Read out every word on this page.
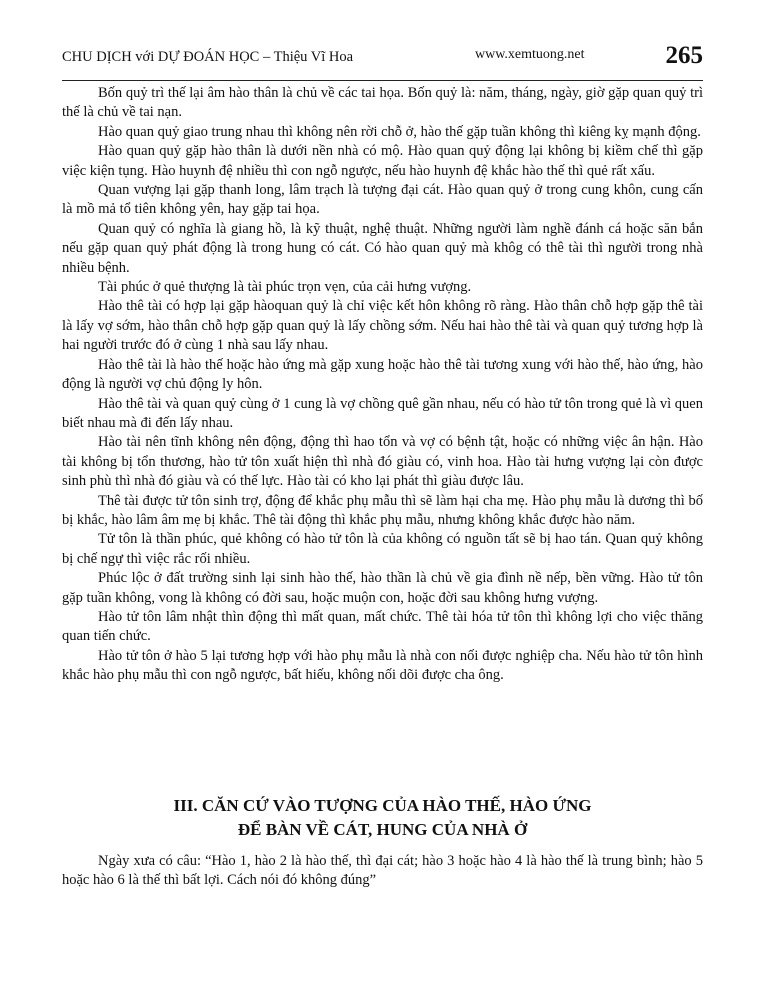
CHU DỊCH với DỰ ĐOÁN HỌC – Thiệu Vĩ Hoa	www.xemtuong.net	265

Bốn quỷ trì thế lại âm hào thân là chủ về các tai họa. Bốn quỷ là: năm, tháng, ngày, giờ gặp quan quỷ trì thế là chủ về tai nạn.

Hào quan quỷ giao trung nhau thì không nên rời chỗ ở, hào thế gặp tuần không thì kiêng kỵ mạnh động.

Hào quan quỷ gặp hào thân là dưới nền nhà có mộ. Hào quan quỷ động lại không bị kiềm chế thì gặp việc kiện tụng. Hào huynh đệ nhiều thì con ngỗ ngược, nếu hào huynh đệ khắc hào thế thì quẻ rất xấu.

Quan vượng lại gặp thanh long, lâm trạch là tượng đại cát. Hào quan quỷ ở trong cung khôn, cung cấn là mồ mả tổ tiên không yên, hay gặp tai họa.

Quan quỷ có nghĩa là giang hồ, là kỹ thuật, nghệ thuật. Những người làm nghề đánh cá hoặc săn bắn nếu gặp quan quỷ phát động là trong hung có cát. Có hào quan quỷ mà khôg có thê tài thì người trong nhà nhiều bệnh.

Tài phúc ở quẻ thượng là tài phúc trọn vẹn, của cải hưng vượng.

Hào thê tài có hợp lại gặp hàoquan quỷ là chỉ việc kết hôn không rõ ràng. Hào thân chỗ hợp gặp thê tài là lấy vợ sớm, hào thân chỗ hợp gặp quan quỷ là lấy chồng sớm. Nếu hai hào thê tài và quan quỷ tương hợp là hai người trước đó ở cùng 1 nhà sau lấy nhau.

Hào thê tài là hào thế hoặc hào ứng mà gặp xung hoặc hào thê tài tương xung với hào thế, hào ứng, hào động là người vợ chủ động ly hôn.

Hào thê tài và quan quỷ cùng ở 1 cung là vợ chồng quê gần nhau, nếu có hào tử tôn trong quẻ là vì quen biết nhau mà đi đến lấy nhau.

Hào tài nên tĩnh không nên động, động thì hao tổn và vợ có bệnh tật, hoặc có những việc ân hận. Hào tài không bị tổn thương, hào tử tôn xuất hiện thì nhà đó giàu có, vinh hoa. Hào tài hưng vượng lại còn được sinh phù thì nhà đó giàu và có thế lực. Hào tài có kho lại phát thì giàu được lâu.

Thê tài được tử tôn sinh trợ, động để khắc phụ mẫu thì sẽ làm hại cha mẹ. Hào phụ mẫu là dương thì bố bị khắc, hào lâm âm mẹ bị khắc. Thê tài động thì khắc phụ mẫu, nhưng không khắc được hào năm.

Tử tôn là thần phúc, quẻ không có hào tử tôn là của không có nguồn tất sẽ bị hao tán. Quan quỷ không bị chế ngự thì việc rắc rối nhiều.

Phúc lộc ở đất trường sinh lại sinh hào thế, hào thần là chủ về gia đình nề nếp, bền vững. Hào tử tôn gặp tuần không, vong là không có đời sau, hoặc muộn con, hoặc đời sau không hưng vượng.

Hào tử tôn lâm nhật thìn động thì mất quan, mất chức. Thê tài hóa tử tôn thì không lợi cho việc thăng quan tiến chức.

Hào tử tôn ở hào 5 lại tương hợp với hào phụ mẫu là nhà con nối được nghiệp cha. Nếu hào tử tôn hình khắc hào phụ mẫu thì con ngỗ ngược, bất hiếu, không nối dõi được cha ông.

III. CĂN CỨ VÀO TƯỢNG CỦA HÀO THẾ, HÀO ỨNG
ĐỂ BÀN VỀ CÁT, HUNG CỦA NHÀ Ở

Ngày xưa có câu: “Hào 1, hào 2 là hào thế, thì đại cát; hào 3 hoặc hào 4 là hào thế là trung bình; hào 5 hoặc hào 6 là thế thì bất lợi. Cách nói đó không đúng”
